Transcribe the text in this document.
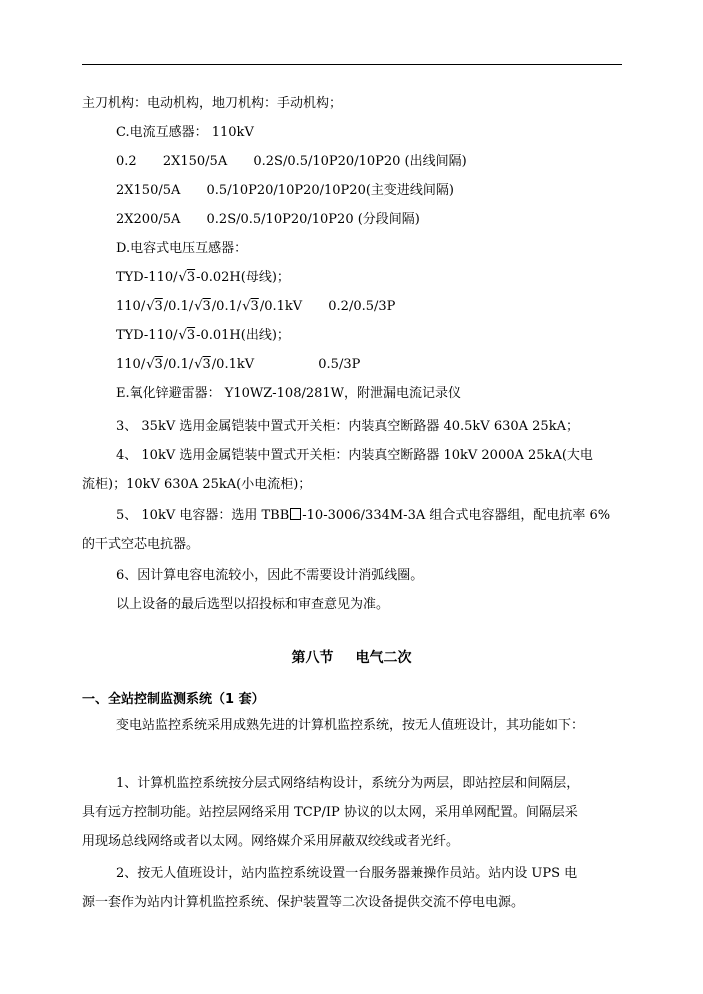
主刀机构：电动机构，地刀机构：手动机构；
C.电流互感器： 110kV
0.2 2X150/5A 0.2S/0.5/10P20/10P20 (出线间隔)
2X150/5A 0.5/10P20/10P20/10P20(主变进线间隔)
2X200/5A 0.2S/0.5/10P20/10P20 (分段间隔)
D.电容式电压互感器：
TYD-110/√3-0.02H(母线)；
110/√3/0.1/√3/0.1/√3/0.1kV 0.2/0.5/3P
TYD-110/√3-0.01H(出线)；
110/√3/0.1/√3/0.1kV	0.5/3P
E.氧化锌避雷器： Y10WZ-108/281W，附泄漏电流记录仪
3、 35kV 选用金属铠装中置式开关柜：内装真空断路器 40.5kV 630A 25kA；
4、 10kV 选用金属铠装中置式开关柜：内装真空断路器 10kV 2000A 25kA(大电
流柜)；10kV 630A 25kA(小电流柜)；
5、 10kV 电容器：选用 TBB -10-3006/334M-3A 组合式电容器组，配电抗率 6%
的干式空芯电抗器。
6、因计算电容电流较小，因此不需要设计消弧线圈。
以上设备的最后选型以招投标和审查意见为准。
第八节 电气二次
一、全站控制监测系统（1 套）
变电站监控系统采用成熟先进的计算机监控系统，按无人值班设计，其功能如下：
1、计算机监控系统按分层式网络结构设计，系统分为两层，即站控层和间隔层，
具有远方控制功能。站控层网络采用 TCP/IP 协议的以太网，采用单网配置。间隔层采
用现场总线网络或者以太网。网络媒介采用屏蔽双绞线或者光纤。
2、按无人值班设计，站内监控系统设置一台服务器兼操作员站。站内设 UPS 电
源一套作为站内计算机监控系统、保护装置等二次设备提供交流不停电电源。
